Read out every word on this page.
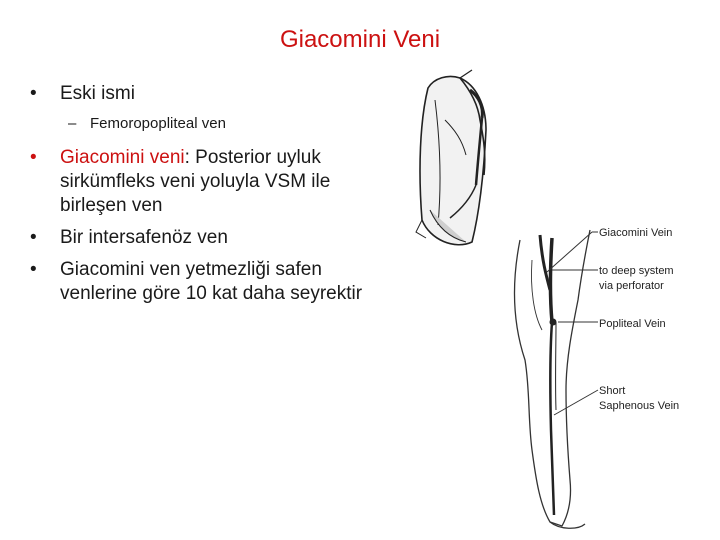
Giacomini Veni
• Eski ismi
– Femoropopliteal ven
• Giacomini veni: Posterior uyluk sirkümfleks veni yoluyla VSM ile birleşen ven
• Bir intersafenöz ven
• Giacomini ven yetmezliği safen venlerine göre 10 kat daha seyrektir
Giacomini Vein
to deep system
via perforator
Popliteal Vein
Short
Saphenous Vein
